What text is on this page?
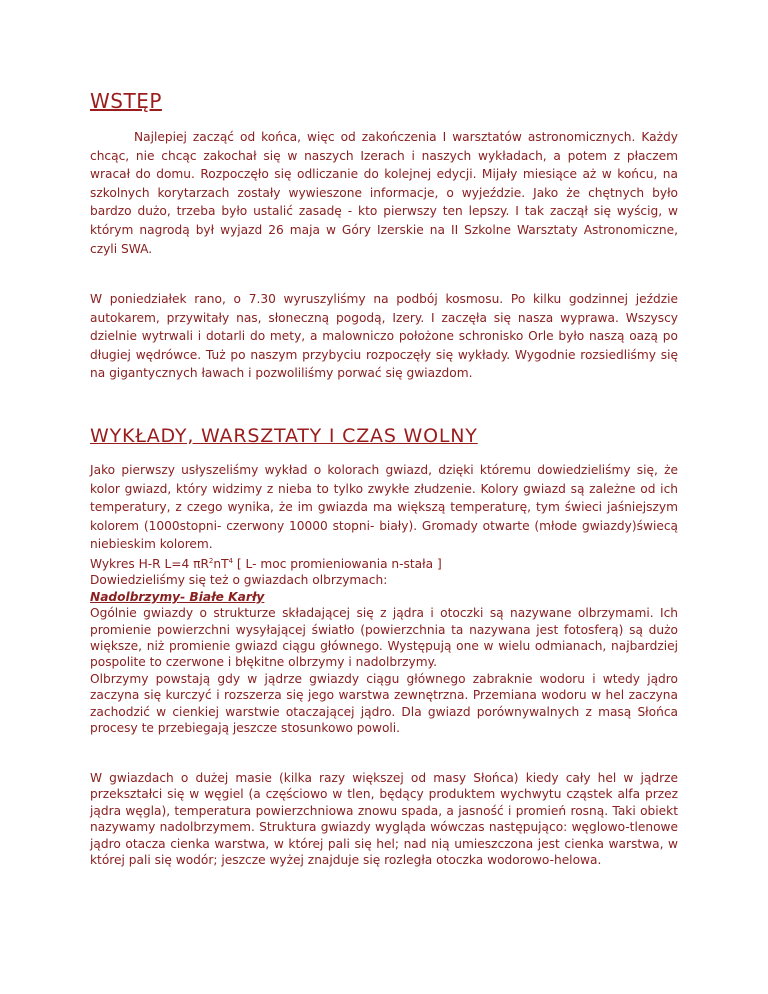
WSTĘP

Najlepiej zacząć od końca, więc od zakończenia I warsztatów astronomicznych. Każdy chcąc, nie chcąc zakochał się w naszych Izerach i naszych wykładach, a potem z płaczem wracał do domu. Rozpoczęło się odliczanie do kolejnej edycji. Mijały miesiące aż w końcu, na szkolnych korytarzach zostały wywieszone informacje, o wyjeździe. Jako że chętnych było bardzo dużo, trzeba było ustalić zasadę - kto pierwszy ten lepszy. I tak zaczął się wyścig, w którym nagrodą był wyjazd 26 maja w Góry Izerskie na II Szkolne Warsztaty Astronomiczne, czyli SWA.

W poniedziałek rano, o 7.30 wyruszyliśmy na podbój kosmosu. Po kilku godzinnej jeździe autokarem, przywitały nas, słoneczną pogodą, Izery. I zaczęła się nasza wyprawa. Wszyscy dzielnie wytrwali i dotarli do mety, a malowniczo położone schronisko Orle było naszą oazą po długiej wędrówce. Tuż po naszym przybyciu rozpoczęły się wykłady. Wygodnie rozsiedliśmy się na gigantycznych ławach i pozwoliliśmy porwać się gwiazdom.

WYKŁADY, WARSZTATY I CZAS WOLNY

Jako pierwszy usłyszeliśmy wykład o kolorach gwiazd, dzięki któremu dowiedzieliśmy się, że kolor gwiazd, który widzimy z nieba to tylko zwykłe złudzenie. Kolory gwiazd są zależne od ich temperatury, z czego wynika, że im gwiazda ma większą temperaturę, tym świeci jaśniejszym kolorem (1000stopni- czerwony 10000 stopni- biały). Gromady otwarte (młode gwiazdy)świecą niebieskim kolorem.

Wykres H-R L=4 $\pi R^2nT^4$ [ L- moc promieniowania n-stała ]

Dowiedzieliśmy się też o gwiazdach olbrzymach:

Nadolbrzymy- Białe Karły

Ogólnie gwiazdy o strukturze składającej się z jądra i otoczki są nazywane olbrzymami. Ich promienie powierzchni wysyłającej światło (powierzchnia ta nazywana jest fotosferą) są dużo większe, niż promienie gwiazd ciągu głównego. Występują one w wielu odmianach, najbardziej pospolite to czerwone i błękitne olbrzymy i nadolbrzymy.

Olbrzymy powstają gdy w jądrze gwiazdy ciągu głównego zabraknie wodoru i wtedy jądro zaczyna się kurczyć i rozszerza się jego warstwa zewnętrzna. Przemiana wodoru w hel zaczyna zachodzić w cienkiej warstwie otaczającej jądro. Dla gwiazd porównywalnych z masą Słońca procesy te przebiegają jeszcze stosunkowo powoli.

W gwiazdach o dużej masie (kilka razy większej od masy Słońca) kiedy cały hel w jądrze przekształci się w węgiel (a częściowo w tlen, będący produktem wychwytu cząstek alfa przez jądra węgla), temperatura powierzchniowa znowu spada, a jasność i promień rosną. Taki obiekt nazywamy nadolbrzymem. Struktura gwiazdy wygląda wówczas następująco: węglowo-tlenowe jądro otacza cienka warstwa, w której pali się hel; nad nią umieszczona jest cienka warstwa, w której pali się wodór; jeszcze wyżej znajduje się rozległa otoczka wodorowo-helowa.
